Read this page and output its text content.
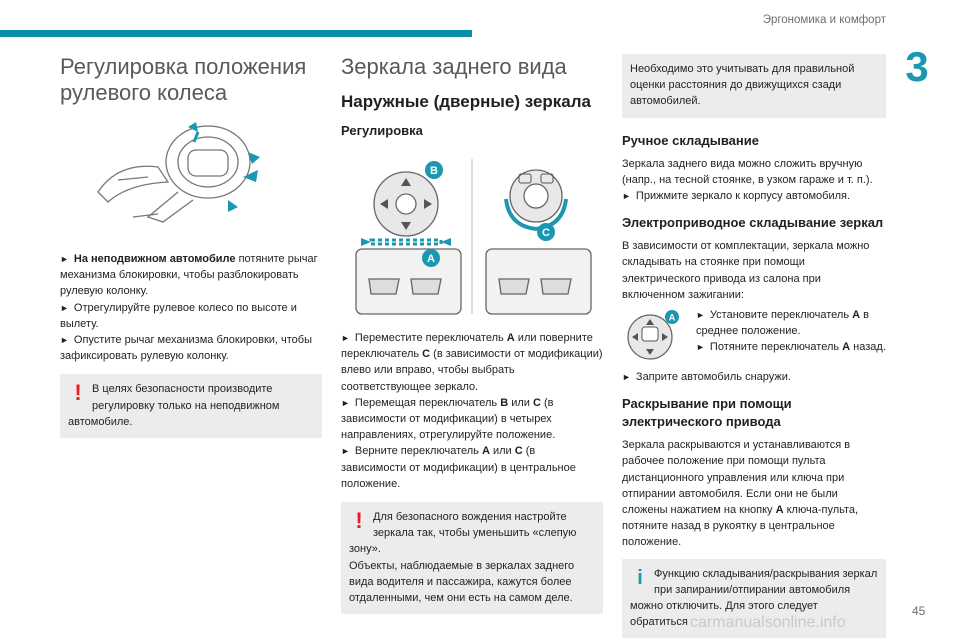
Эргономика и комфорт
3
Регулировка положения рулевого колеса

► На неподвижном автомобиле потяните рычаг механизма блокировки, чтобы разблокировать рулевую колонку.

► Отрегулируйте рулевое колесо по высоте и вылету.

► Опустите рычаг механизма блокировки, чтобы зафиксировать рулевую колонку.

! В целях безопасности производите регулировку только на неподвижном автомобиле.
Зеркала заднего вида
Наружные (дверные) зеркала
Регулировка
B
A
C

► Переместите переключатель A или поверните переключатель C (в зависимости от модификации) влево или вправо, чтобы выбрать соответствующее зеркало.

► Перемещая переключатель B или C (в зависимости от модификации) в четырех направлениях, отрегулируйте положение.

► Верните переключатель A или C (в зависимости от модификации) в центральное положение.

! Для безопасного вождения настройте зеркала так, чтобы уменьшить «слепую зону».

Объекты, наблюдаемые в зеркалах заднего вида водителя и пассажира, кажутся более отдаленными, чем они есть на самом деле.

Необходимо это учитывать для правильной оценки расстояния до движущихся сзади автомобилей.

Ручное складывание

Зеркала заднего вида можно сложить вручную (напр., на тесной стоянке, в узком гараже и т. п.).

► Прижмите зеркало к корпусу автомобиля.

Электроприводное складывание зеркал

В зависимости от комплектации, зеркала можно складывать на стоянке при помощи электрического привода из салона при включенном зажигании:

A ► Установите переключатель A в среднее положение.

► Потяните переключатель A назад.

► Заприте автомобиль снаружи.

Раскрывание при помощи электрического привода

Зеркала раскрываются и устанавливаются в рабочее положение при помощи пульта дистанционного управления или ключа при отпирании автомобиля. Если они не были сложены нажатием на кнопку A ключа-пульта, потяните назад в рукоятку в центральное положение.

i	Функцию складывания/раскрывания зеркал при запирании/отпирании автомобиля можно отключить. Для этого следует обратиться
45
carmanualsonline.info
